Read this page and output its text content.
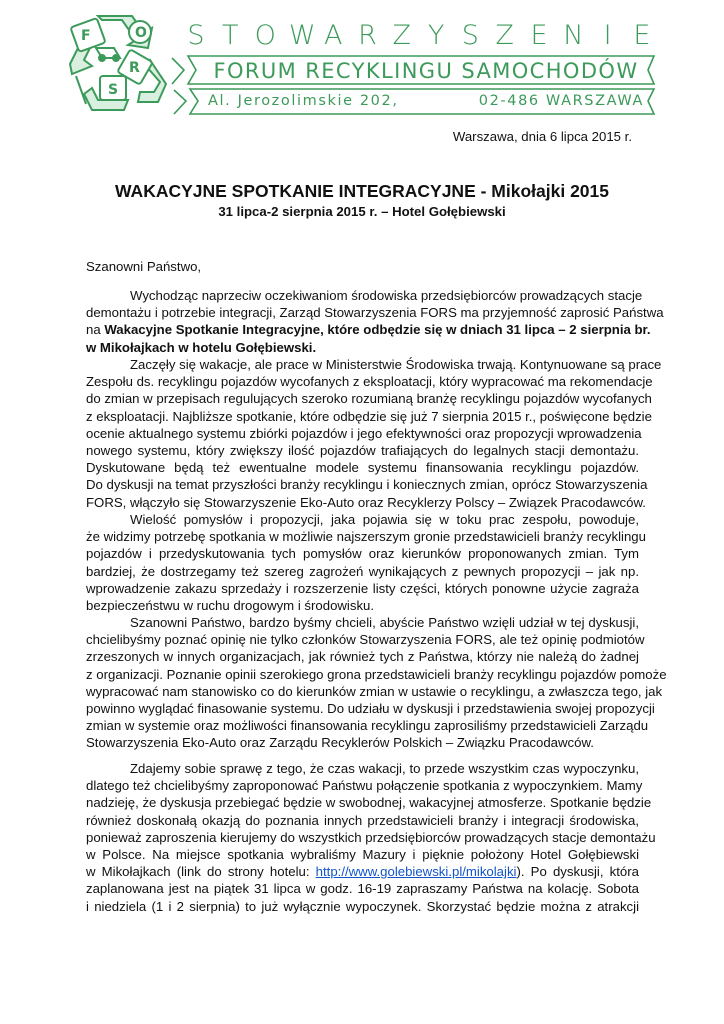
F	O
R
S
S T O W A R Z Y S Z E N I E
FORUM RECYKLINGU SAMOCHODÓW
Al. Jerozolimskie 202,	02-486 WARSZAWA
Warszawa, dnia 6 lipca 2015 r.
WAKACYJNE SPOTKANIE INTEGRACYJNE - Mikołajki 2015
31 lipca-2 sierpnia 2015 r. – Hotel Gołębiewski
Szanowni Państwo,
Wychodząc naprzeciw oczekiwaniom środowiska przedsiębiorców prowadzących stacje
demontażu i potrzebie integracji, Zarząd Stowarzyszenia FORS ma przyjemność zaprosić Państwa
na Wakacyjne Spotkanie Integracyjne, które odbędzie się w dniach 31 lipca – 2 sierpnia br.
w Mikołajkach w hotelu Gołębiewski.
Zaczęły się wakacje, ale prace w Ministerstwie Środowiska trwają. Kontynuowane są prace
Zespołu ds. recyklingu pojazdów wycofanych z eksploatacji, który wypracować ma rekomendacje
do zmian w przepisach regulujących szeroko rozumianą branżę recyklingu pojazdów wycofanych
z eksploatacji. Najbliższe spotkanie, które odbędzie się już 7 sierpnia 2015 r., poświęcone będzie
ocenie aktualnego systemu zbiórki pojazdów i jego efektywności oraz propozycji wprowadzenia
nowego systemu, który zwiększy ilość pojazdów trafiających do legalnych stacji demontażu.
Dyskutowane będą też ewentualne modele systemu finansowania recyklingu pojazdów.
Do dyskusji na temat przyszłości branży recyklingu i koniecznych zmian, oprócz Stowarzyszenia
FORS, włączyło się Stowarzyszenie Eko-Auto oraz Recyklerzy Polscy – Związek Pracodawców.
Wielość pomysłów i propozycji, jaka pojawia się w toku prac zespołu, powoduje,
że widzimy potrzebę spotkania w możliwie najszerszym gronie przedstawicieli branży recyklingu
pojazdów i przedyskutowania tych pomysłów oraz kierunków proponowanych zmian. Tym
bardziej, że dostrzegamy też szereg zagrożeń wynikających z pewnych propozycji – jak np.
wprowadzenie zakazu sprzedaży i rozszerzenie listy części, których ponowne użycie zagraża
bezpieczeństwu w ruchu drogowym i środowisku.
Szanowni Państwo, bardzo byśmy chcieli, abyście Państwo wzięli udział w tej dyskusji,
chcielibyśmy poznać opinię nie tylko członków Stowarzyszenia FORS, ale też opinię podmiotów
zrzeszonych w innych organizacjach, jak również tych z Państwa, którzy nie należą do żadnej
z organizacji. Poznanie opinii szerokiego grona przedstawicieli branży recyklingu pojazdów pomoże
wypracować nam stanowisko co do kierunków zmian w ustawie o recyklingu, a zwłaszcza tego, jak
powinno wyglądać finasowanie systemu. Do udziału w dyskusji i przedstawienia swojej propozycji
zmian w systemie oraz możliwości finansowania recyklingu zaprosiliśmy przedstawicieli Zarządu
Stowarzyszenia Eko-Auto oraz Zarządu Recyklerów Polskich – Związku Pracodawców.
Zdajemy sobie sprawę z tego, że czas wakacji, to przede wszystkim czas wypoczynku,
dlatego też chcielibyśmy zaproponować Państwu połączenie spotkania z wypoczynkiem. Mamy
nadzieję, że dyskusja przebiegać będzie w swobodnej, wakacyjnej atmosferze. Spotkanie będzie
również doskonałą okazją do poznania innych przedstawicieli branży i integracji środowiska,
ponieważ zaproszenia kierujemy do wszystkich przedsiębiorców prowadzących stacje demontażu
w Polsce. Na miejsce spotkania wybraliśmy Mazury i pięknie położony Hotel Gołębiewski
w Mikołajkach (link do strony hotelu: http://www.golebiewski.pl/mikolajki). Po dyskusji, która
zaplanowana jest na piątek 31 lipca w godz. 16-19 zapraszamy Państwa na kolację. Sobota
i niedziela (1 i 2 sierpnia) to już wyłącznie wypoczynek. Skorzystać będzie można z atrakcji
